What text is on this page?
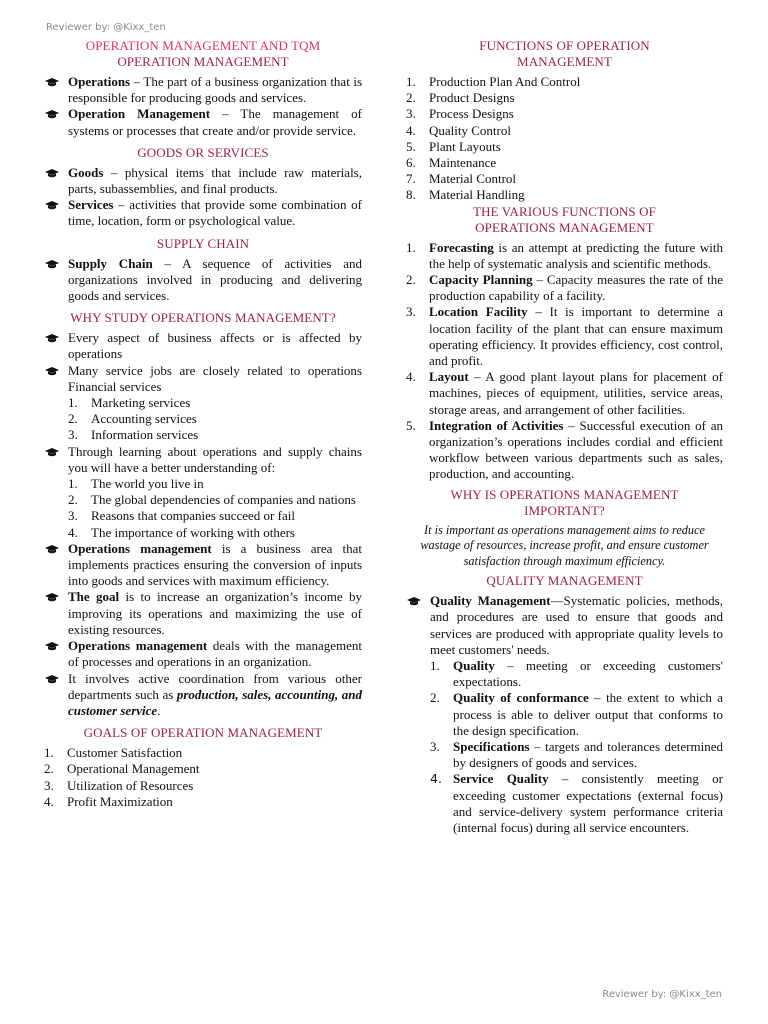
Reviewer by: @Kixx_ten

OPERATION MANAGEMENT AND TQM

OPERATION MANAGEMENT

Operations – The part of a business organization that is responsible for producing goods and services.
Operation Management – The management of systems or processes that create and/or provide service.

GOODS OR SERVICES

Goods – physical items that include raw materials, parts, subassemblies, and final products.
Services – activities that provide some combination of time, location, form or psychological value.

SUPPLY CHAIN

Supply Chain – A sequence of activities and organizations involved in producing and delivering goods and services.

WHY STUDY OPERATIONS MANAGEMENT?

Every aspect of business affects or is affected by operations
Many service jobs are closely related to operations Financial services
1. Marketing services
2. Accounting services
3. Information services
Through learning about operations and supply chains you will have a better understanding of:
1. The world you live in
2. The global dependencies of companies and nations
3. Reasons that companies succeed or fail
4. The importance of working with others
Operations management is a business area that implements practices ensuring the conversion of inputs into goods and services with maximum efficiency.
The goal is to increase an organization’s income by improving its operations and maximizing the use of existing resources.
Operations management deals with the management of processes and operations in an organization.
It involves active coordination from various other departments such as production, sales, accounting, and customer service.

GOALS OF OPERATION MANAGEMENT

1. Customer Satisfaction
2. Operational Management
3. Utilization of Resources
4. Profit Maximization

FUNCTIONS OF OPERATION MANAGEMENT

1. Production Plan And Control
2. Product Designs
3. Process Designs
4. Quality Control
5. Plant Layouts
6. Maintenance
7. Material Control
8. Material Handling

THE VARIOUS FUNCTIONS OF OPERATIONS MANAGEMENT

1. Forecasting is an attempt at predicting the future with the help of systematic analysis and scientific methods.
2. Capacity Planning – Capacity measures the rate of the production capability of a facility.
3. Location Facility – It is important to determine a location facility of the plant that can ensure maximum operating efficiency. It provides efficiency, cost control, and profit.
4. Layout – A good plant layout plans for placement of machines, pieces of equipment, utilities, service areas, storage areas, and arrangement of other facilities.
5. Integration of Activities – Successful execution of an organization’s operations includes cordial and efficient workflow between various departments such as sales, production, and accounting.

WHY IS OPERATIONS MANAGEMENT IMPORTANT?

It is important as operations management aims to reduce wastage of resources, increase profit, and ensure customer satisfaction through maximum efficiency.

QUALITY MANAGEMENT

Quality Management—Systematic policies, methods, and procedures are used to ensure that goods and services are produced with appropriate quality levels to meet customers' needs.
1. Quality – meeting or exceeding customers' expectations.
2. Quality of conformance – the extent to which a process is able to deliver output that conforms to the design specification.
3. Specifications – targets and tolerances determined by designers of goods and services.
4. Service Quality – consistently meeting or exceeding customer expectations (external focus) and service-delivery system performance criteria (internal focus) during all service encounters.
Reviewer by: @Kixx_ten
